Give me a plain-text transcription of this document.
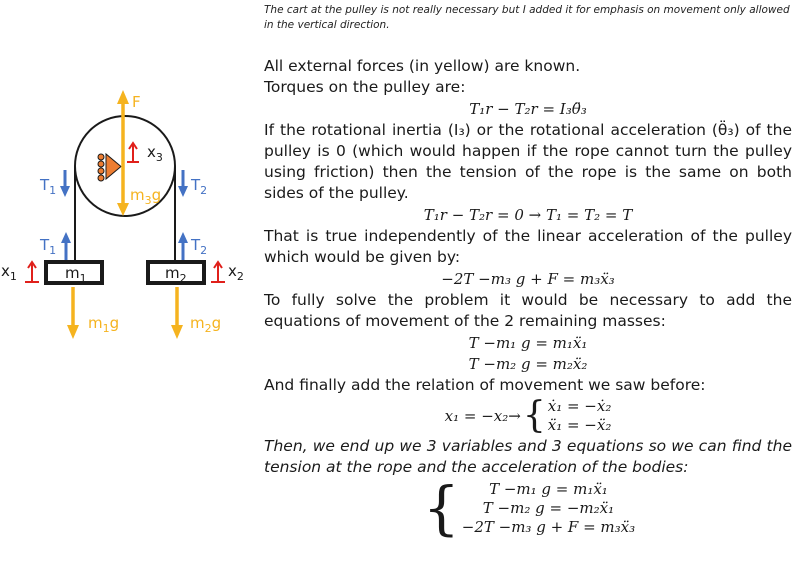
F
$m_3g$
$x_3$
$T_1$	$T_2$
$T_1$	$T_2$
$m_1$	$m_2$
$x_1$	$x_2$
$m_1g$	$m_2g$
The cart at the pulley is not really necessary but I added it for emphasis on movement only allowed in the vertical direction.

All external forces (in yellow) are known.

Torques on the pulley are:

T₁r − T₂r = I₃θ̈₃

If the rotational inertia (I₃) or the rotational acceleration (θ̈₃) of the pulley is 0 (which would happen if the rope cannot turn the pulley using friction) then the tension of the rope is the same on both sides of the pulley.

T₁r − T₂r = 0 → T₁ = T₂ = T

That is true independently of the linear acceleration of the pulley which would be given by:

−2T −m₃ g + F = m₃ẍ₃

To fully solve the problem it would be necessary to add the equations of movement of the 2 remaining masses:

T −m₁ g = m₁ẍ₁
T −m₂ g = m₂ẍ₂

And finally add the relation of movement we saw before:

x₁ = −x₂→ { ẋ₁ = −ẋ₂
ẍ₁ = −ẍ₂

Then, we end up we 3 variables and 3 equations so we can find the tension at the rope and the acceleration of the bodies:

{	T −m₁ g = m₁ẍ₁
T −m₂ g = −m₂ẍ₁
−2T −m₃ g + F = m₃ẍ₃
